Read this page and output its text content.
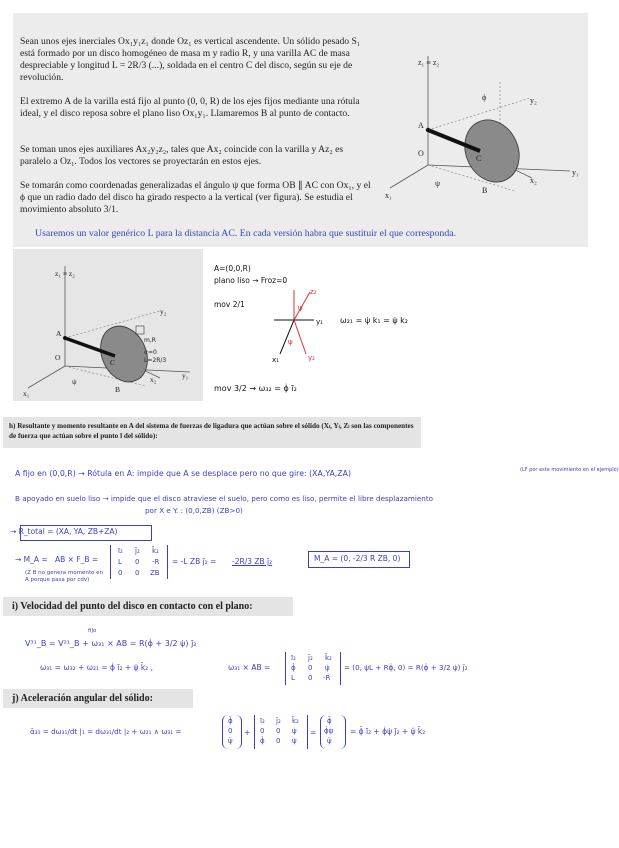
Sean unos ejes inerciales Ox₁y₁z₁ donde Oz₁ es vertical ascendente. Un sólido pesado S₁ está formado por un disco homogéneo de masa m y radio R, y una varilla AC de masa despreciable y longitud L = 2R/3 (...), soldada en el centro C del disco, según su eje de revolución.

El extremo A de la varilla está fijo al punto (0, 0, R) de los ejes fijos mediante una rótula ideal, y el disco reposa sobre el plano liso Ox₁y₁. Llamaremos B al punto de contacto.

Se toman unos ejes auxiliares Ax₂y₂z₂, tales que Ax₂ coincide con la varilla y Az₂ es paralelo a Oz₁. Todos los vectores se proyectarán en estos ejes.

Se tomarán como coordenadas generalizadas el ángulo ψ que forma OB ∥ AC con Ox₁, y el ϕ que un radio dado del disco ha girado respecto a la vertical (ver figura). Se estudia el movimiento absoluto 3/1.

Usaremos un valor genérico L para la distancia AC. En cada versión habra que sustituir el que corresponda.
z₁ ≡ z₂
y₂
y₁
x₁
x₂
A
O
C
B
ψ
ϕ
z₁ ≡ z₂
y₂
y₁
x₁
x₂
A
O
C
B
ψ
m,R
α=0
L=2R/3
A=(0,0,R)
plano liso → Froz=0
mov 2/1
z₂
y₁
y₂
x₁
ψ
ψ
ω₂₁ = ψ̇ k₁ = ψ̇ k₂
mov 3/2 → ω₃₂ = ϕ̇ ī₂
h) Resultante y momento resultante en A del sistema de fuerzas de ligadura que actúan sobre el sólido (Xₗ, Yₗ, Zₗ son las componentes de fuerza que actúan sobre el punto l del sólido):
A fijo en (0,0,R) → Rótula en A: impide que A se desplace pero no que gire: (XA,YA,ZA)	(LF por este movimiento en el ejemplo)
B apoyado en suelo liso → impide que el disco atraviese el suelo, pero como es liso, permite el libre desplazamiento
por X e Y. : (0,0,ZB) (ZB>0)
→ R_total = (XA, YA, ZB+ZA)
→ M_A = AB × F_B =
(Z B no genera momento en A porque pasa por cdv)
ī₂ j̄₂ k̄₂
L 0 -R
0 0 ZB
= -L ZB j̄₂ = -2R/3 ZB j̄₂	M_A = (0, -2/3 R ZB, 0)
i) Velocidad del punto del disco en contacto con el plano:
fijo
V³¹_B = V²¹_B + ω₃₁ × AB = R(ϕ̇ + 3/2 ψ̇) j̄₂
ω₃₁ = ω₃₂ + ω₂₁ = ϕ̇ ī₂ + ψ̇ k̄₂ ,	ω₃₁ × AB =
ī₂ j̄₂ k̄₂
ϕ̇ 0 ψ̇
L 0 -R
= (0, ψ̇L + Rϕ̇, 0) = R(ϕ̇ + 3/2 ψ̇) j̄₂
j) Aceleración angular del sólido:
ᾱ₃₁ = dω₃₁/dt |₁ = dω₃₁/dt |₂ + ω₂₁ ∧ ω₃₁ =
ϕ̈
0
ψ̈
+
ī₂ j̄₂ k̄₂
0 0 ψ̇
ϕ̇ 0 ψ̇
=
ϕ̈
ϕ̇ψ̇
ψ̈
= ϕ̈ ī₂ + ϕ̇ψ̇ j̄₂ + ψ̈ k̄₂
